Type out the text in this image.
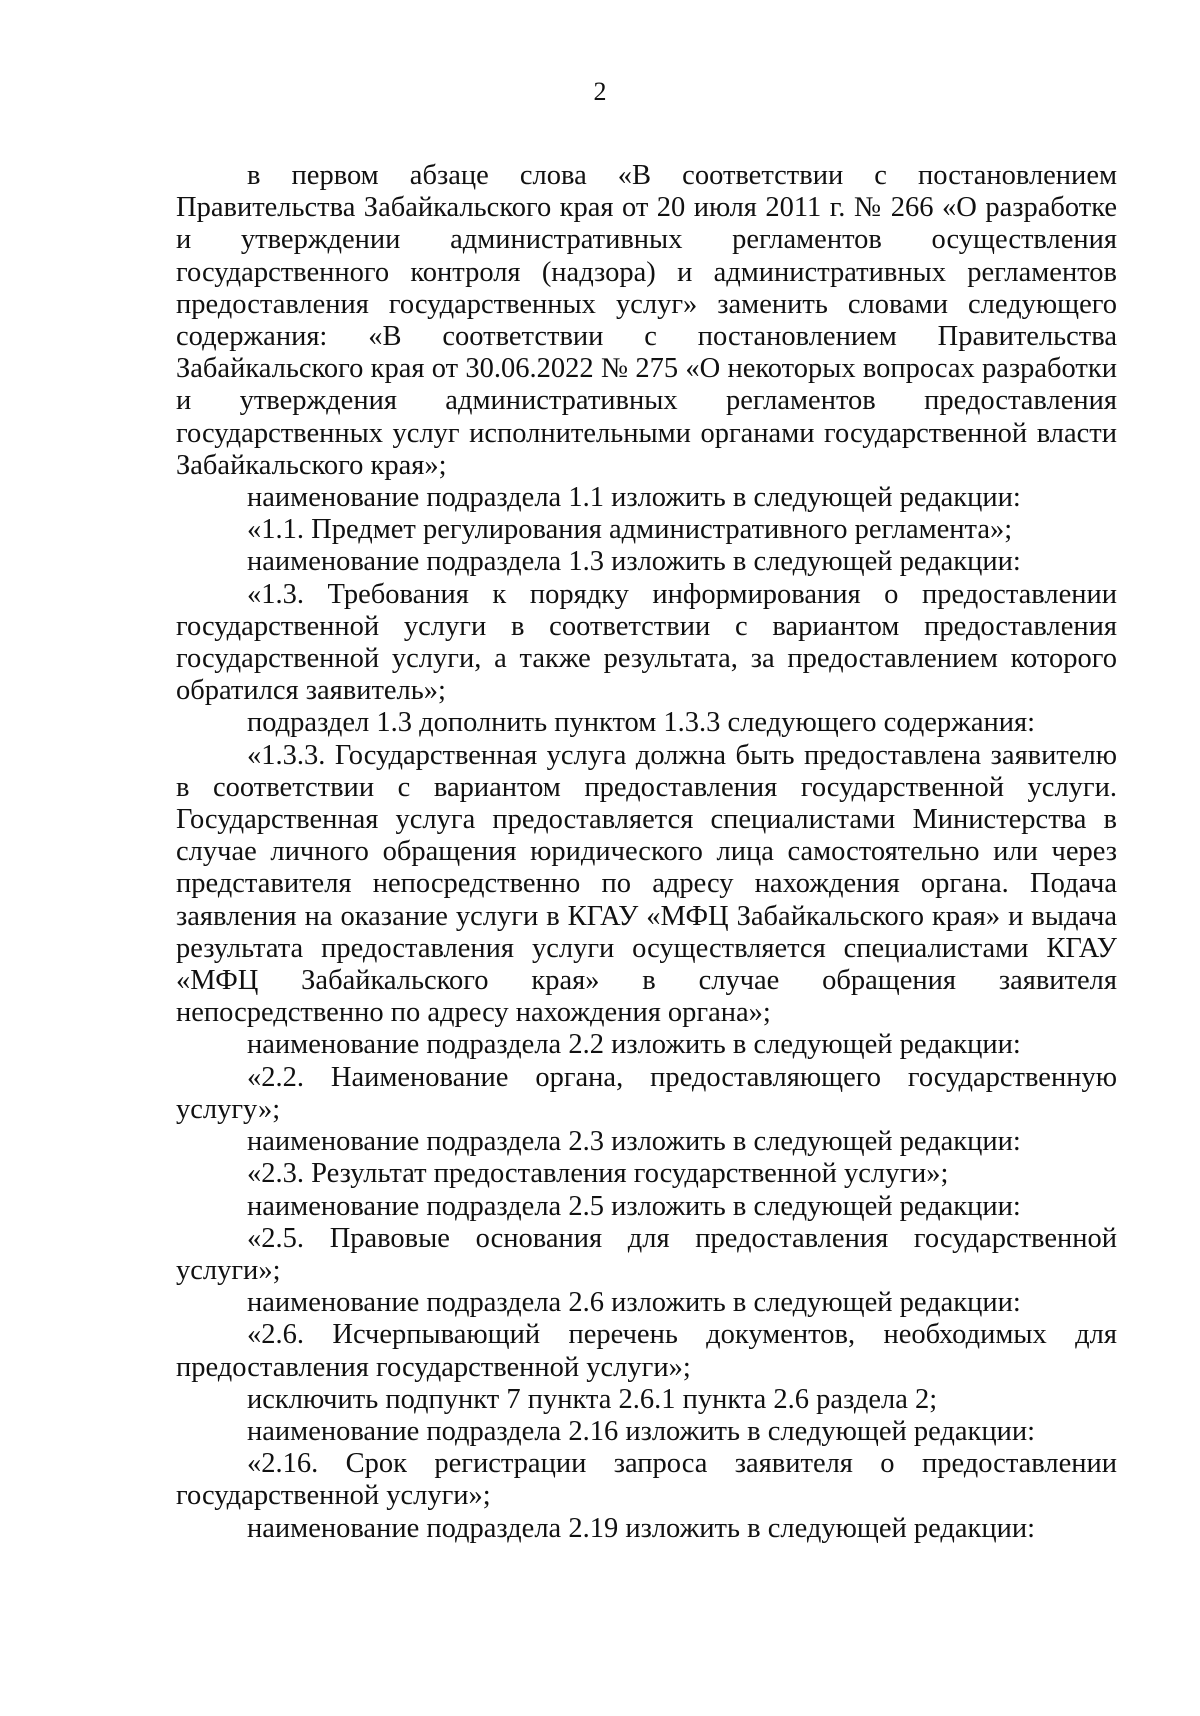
2

в первом абзаце слова «В соответствии с постановлением Правительства Забайкальского края от 20 июля 2011 г. № 266 «О разработке и утверждении административных регламентов осуществления государственного контроля (надзора) и административных регламентов предоставления государственных услуг» заменить словами следующего содержания: «В соответствии с постановлением Правительства Забайкальского края от 30.06.2022 № 275 «О некоторых вопросах разработки и утверждения административных регламентов предоставления государственных услуг исполнительными органами государственной власти Забайкальского края»;

наименование подраздела 1.1 изложить в следующей редакции:

«1.1. Предмет регулирования административного регламента»;

наименование подраздела 1.3 изложить в следующей редакции:

«1.3. Требования к порядку информирования о предоставлении государственной услуги в соответствии с вариантом предоставления государственной услуги, а также результата, за предоставлением которого обратился заявитель»;

подраздел 1.3 дополнить пунктом 1.3.3 следующего содержания:

«1.3.3. Государственная услуга должна быть предоставлена заявителю в соответствии с вариантом предоставления государственной услуги. Государственная услуга предоставляется специалистами Министерства в случае личного обращения юридического лица самостоятельно или через представителя непосредственно по адресу нахождения органа. Подача заявления на оказание услуги в КГАУ «МФЦ Забайкальского края» и выдача результата предоставления услуги осуществляется специалистами КГАУ «МФЦ Забайкальского края» в случае обращения заявителя непосредственно по адресу нахождения органа»;

наименование подраздела 2.2 изложить в следующей редакции:

«2.2. Наименование органа, предоставляющего государственную услугу»;

наименование подраздела 2.3 изложить в следующей редакции:

«2.3. Результат предоставления государственной услуги»;

наименование подраздела 2.5 изложить в следующей редакции:

«2.5. Правовые основания для предоставления государственной услуги»;

наименование подраздела 2.6 изложить в следующей редакции:

«2.6. Исчерпывающий перечень документов, необходимых для предоставления государственной услуги»;

исключить подпункт 7 пункта 2.6.1 пункта 2.6 раздела 2;

наименование подраздела 2.16 изложить в следующей редакции:

«2.16. Срок регистрации запроса заявителя о предоставлении государственной услуги»;

наименование подраздела 2.19 изложить в следующей редакции:
